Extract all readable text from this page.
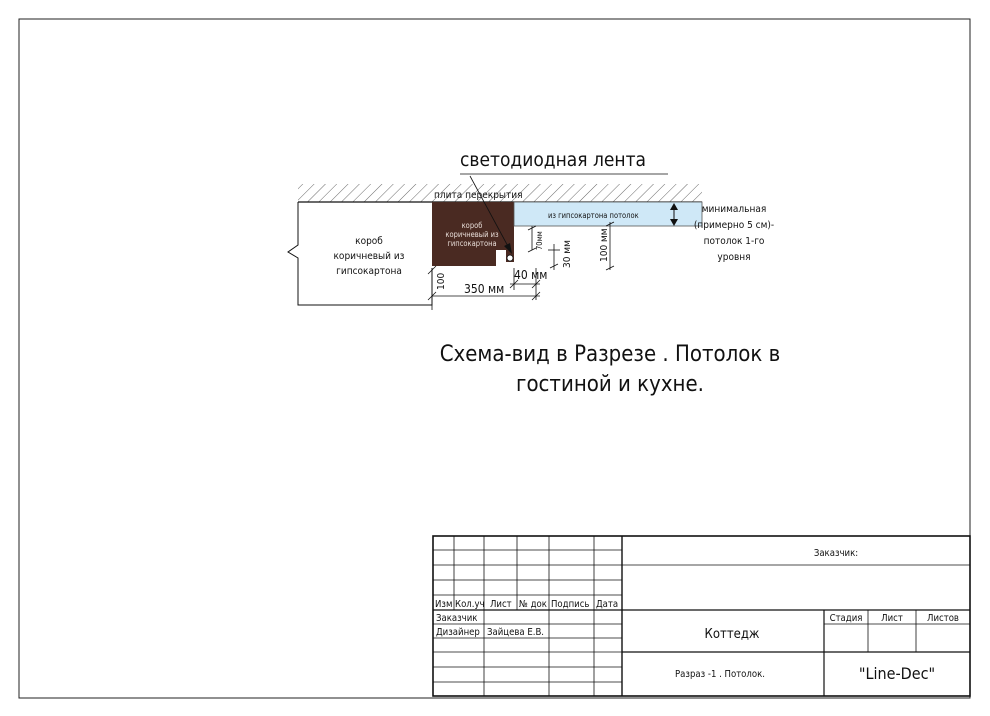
светодиодная лента
плита перекрытия
короб
коричневый из
гипсокартона
короб
коричневый из
гипсокартона
из гипсокартона потолок
минимальная
(примерно 5 см)-
потолок 1-го
уровня
70мм 30 мм	100 мм
40 мм
350 мм
100
Схема-вид в Разрезе . Потолок в
гостиной и кухне.
Изм Кол.уч Лист № док Подпись Дата
Заказчик
Дизайнер Зайцева Е.В.
Заказчик:
Стадия Лист	Листов
Коттедж
Разраз -1 . Потолок.	"Line-Dec"
